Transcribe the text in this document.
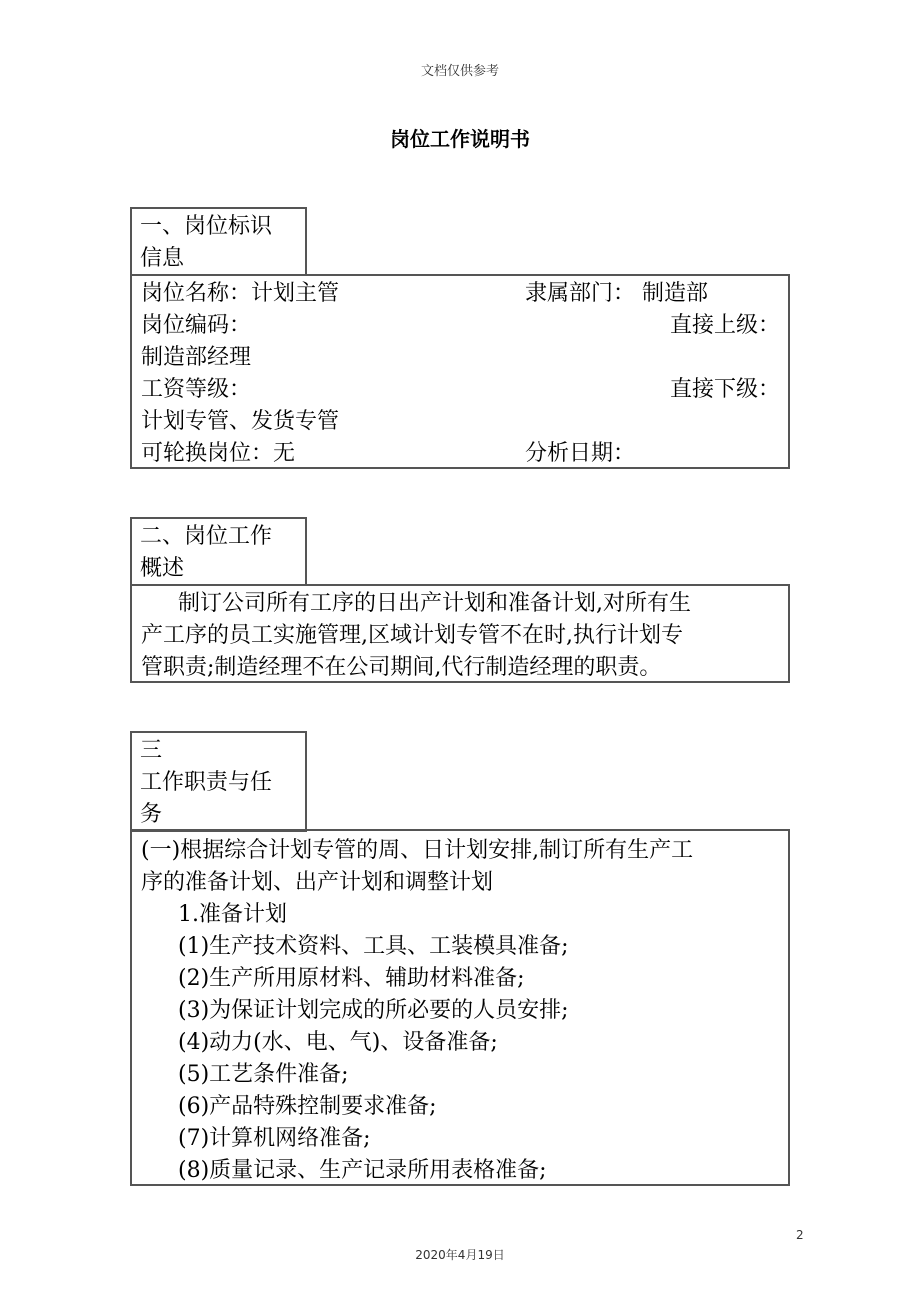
文档仅供参考
岗位工作说明书
一、岗位标识
信息
岗位名称：计划主管	隶属部门： 制造部
岗位编码：	直接上级：
制造部经理
工资等级：	直接下级：
计划专管、发货专管
可轮换岗位：无	分析日期：
二、岗位工作
概述
制订公司所有工序的日出产计划和准备计划,对所有生
产工序的员工实施管理,区域计划专管不在时,执行计划专
管职责;制造经理不在公司期间,代行制造经理的职责。
三
工作职责与任
务
(一)根据综合计划专管的周、日计划安排,制订所有生产工
序的准备计划、出产计划和调整计划
1.准备计划
(1)生产技术资料、工具、工装模具准备;
(2)生产所用原材料、辅助材料准备;
(3)为保证计划完成的所必要的人员安排;
(4)动力(水、电、气)、设备准备;
(5)工艺条件准备;
(6)产品特殊控制要求准备;
(7)计算机网络准备;
(8)质量记录、生产记录所用表格准备;
2
2020年4月19日
